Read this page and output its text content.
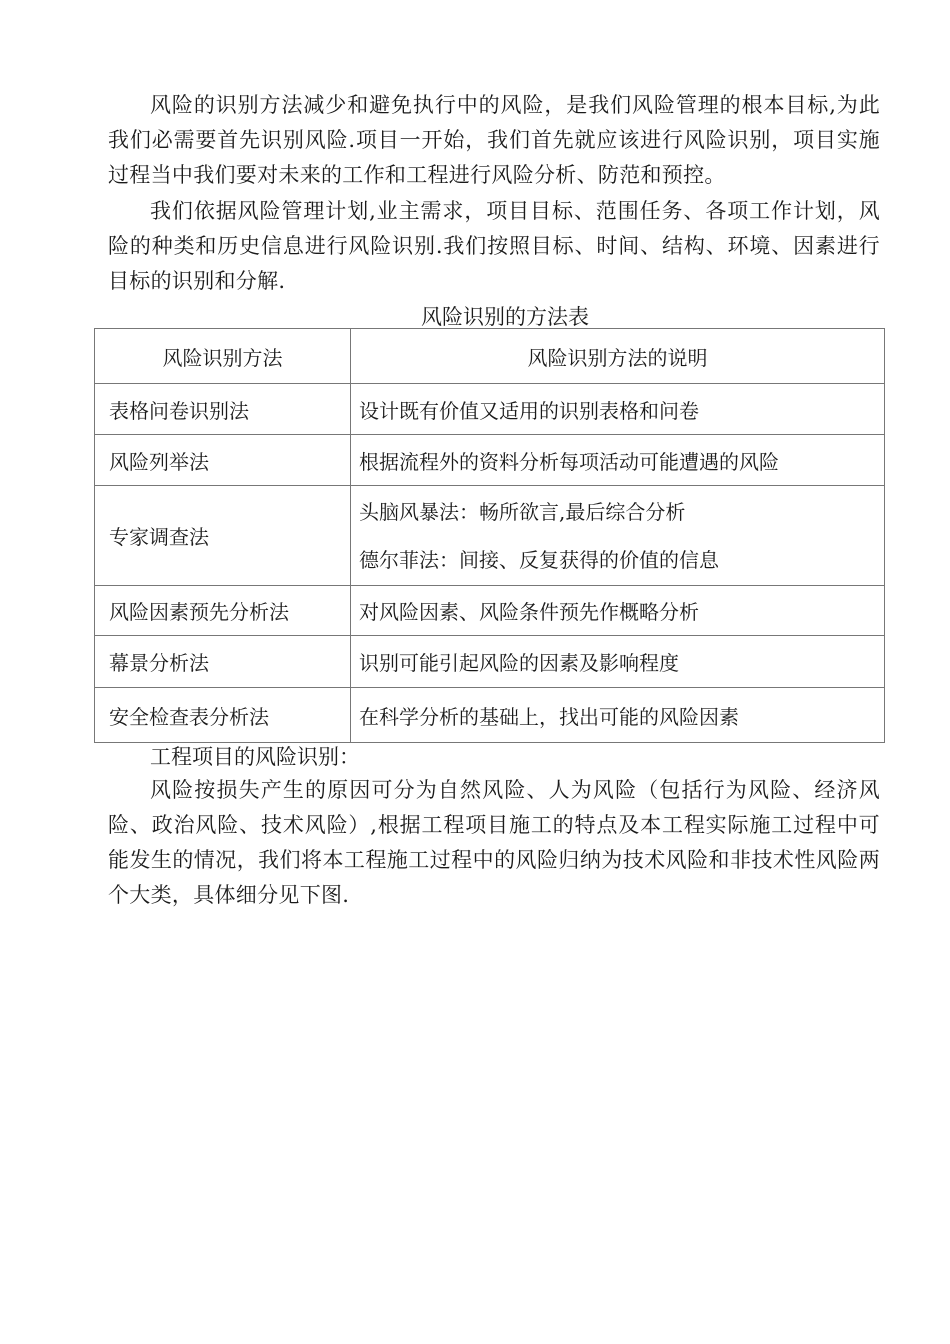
风险的识别方法减少和避免执行中的风险，是我们风险管理的根本目标,为此我们必需要首先识别风险.项目一开始，我们首先就应该进行风险识别，项目实施过程当中我们要对未来的工作和工程进行风险分析、防范和预控。

我们依据风险管理计划,业主需求，项目目标、范围任务、各项工作计划，风险的种类和历史信息进行风险识别.我们按照目标、时间、结构、环境、因素进行目标的识别和分解.

风险识别的方法表
风险识别方法	风险识别方法的说明
表格问卷识别法	设计既有价值又适用的识别表格和问卷
风险列举法	根据流程外的资料分析每项活动可能遭遇的风险
专家调查法	头脑风暴法：畅所欲言,最后综合分析
德尔菲法：间接、反复获得的价值的信息

风险因素预先分析法	对风险因素、风险条件预先作概略分析
幕景分析法	识别可能引起风险的因素及影响程度
安全检查表分析法	在科学分析的基础上，找出可能的风险因素
工程项目的风险识别：

风险按损失产生的原因可分为自然风险、人为风险（包括行为风险、经济风险、政治风险、技术风险）,根据工程项目施工的特点及本工程实际施工过程中可能发生的情况，我们将本工程施工过程中的风险归纳为技术风险和非技术性风险两个大类，具体细分见下图.
